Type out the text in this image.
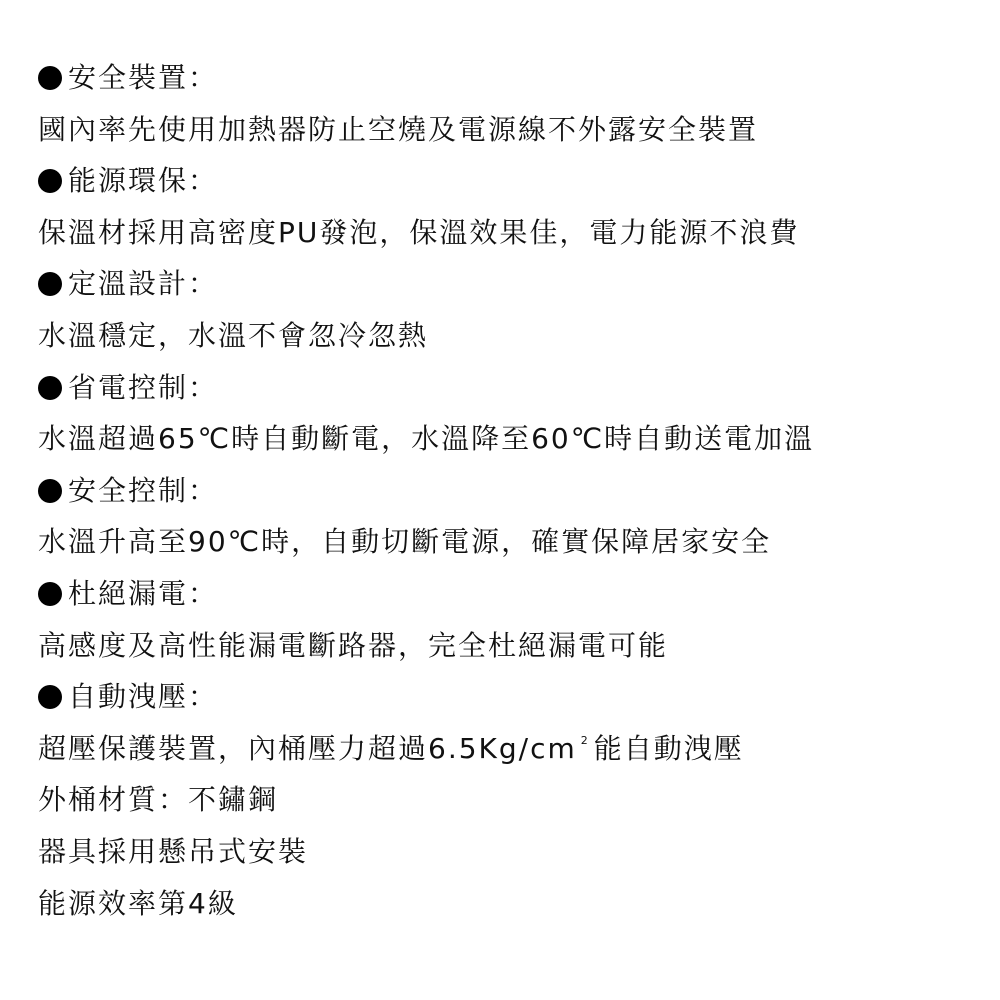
安全裝置：
國內率先使用加熱器防止空燒及電源線不外露安全裝置
能源環保：
保溫材採用高密度PU發泡，保溫效果佳，電力能源不浪費
定溫設計：
水溫穩定，水溫不會忽冷忽熱
省電控制：
水溫超過65℃時自動斷電，水溫降至60℃時自動送電加溫
安全控制：
水溫升高至90℃時，自動切斷電源，確實保障居家安全
杜絕漏電：
高感度及高性能漏電斷路器，完全杜絕漏電可能
自動洩壓：
超壓保護裝置，內桶壓力超過6.5Kg/cm $^2$ 能自動洩壓
外桶材質：不鏽鋼
器具採用懸吊式安裝
能源效率第4級
